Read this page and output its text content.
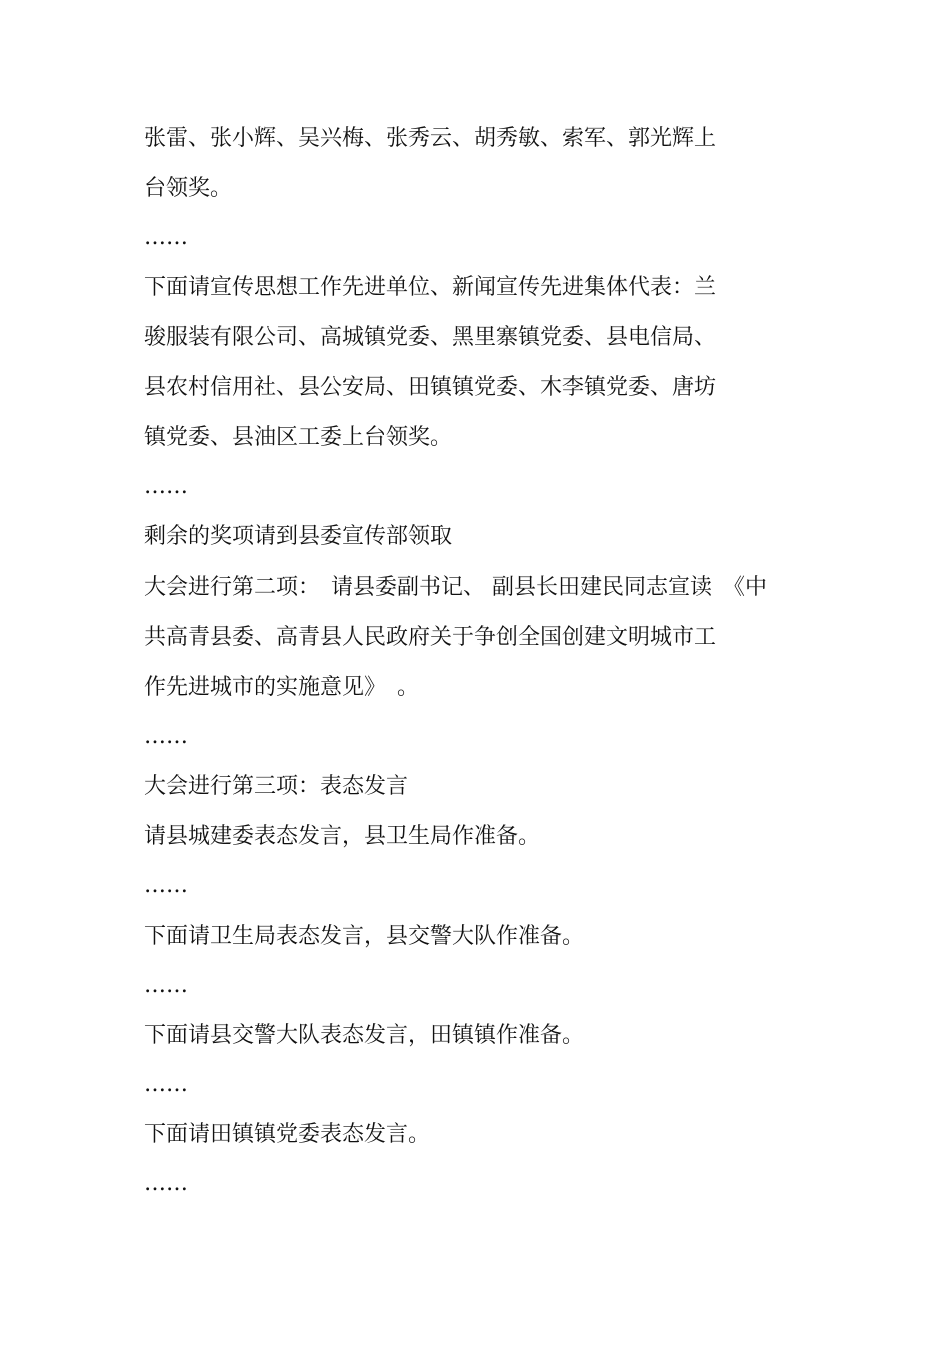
张雷、张小辉、吴兴梅、张秀云、胡秀敏、索军、郭光辉上

台领奖。

……

下面请宣传思想工作先进单位、新闻宣传先进集体代表：兰

骏服装有限公司、高城镇党委、黑里寨镇党委、县电信局、

县农村信用社、县公安局、田镇镇党委、木李镇党委、唐坊

镇党委、县油区工委上台领奖。

……

剩余的奖项请到县委宣传部领取

大会进行第二项：　请县委副书记、 副县长田建民同志宣读　《中

共高青县委、高青县人民政府关于争创全国创建文明城市工

作先进城市的实施意见》　。

……

大会进行第三项：表态发言

请县城建委表态发言，县卫生局作准备。

……

下面请卫生局表态发言，县交警大队作准备。

……

下面请县交警大队表态发言，田镇镇作准备。

……

下面请田镇镇党委表态发言。

……
